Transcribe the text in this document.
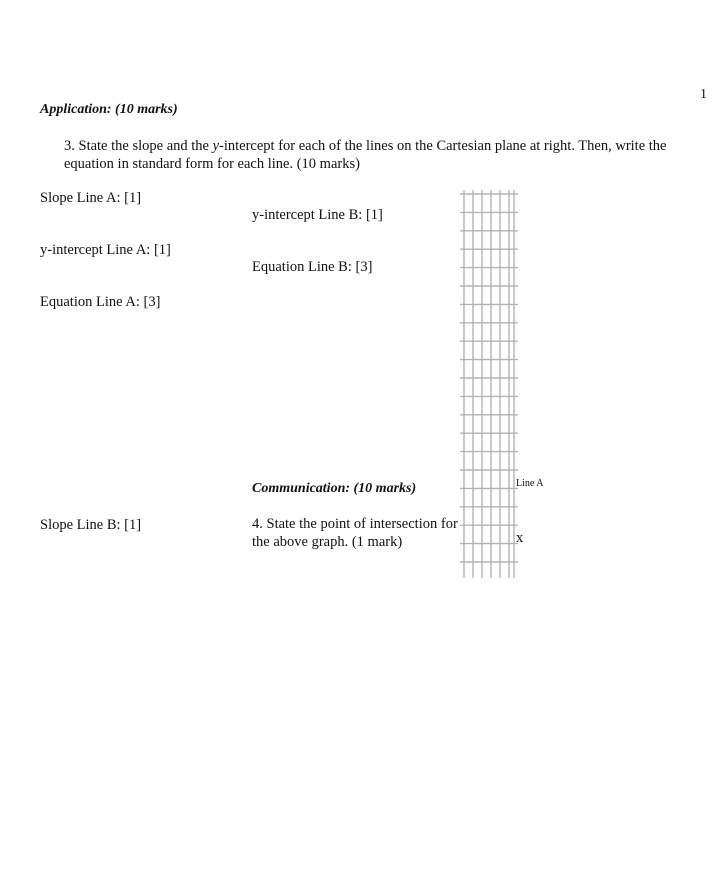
1
Application: (10 marks)
3. State the slope and the y-intercept for each of the lines on the Cartesian plane at right. Then, write the
equation in standard form for each line. (10 marks)
Slope Line A: [1]
y-intercept Line A: [1]
Equation Line A: [3]
y-intercept Line B: [1]
Equation Line B: [3]
Communication: (10 marks)
Slope Line B: [1]	4. State the point of intersection for
the above graph. (1 mark)
Line A
x
